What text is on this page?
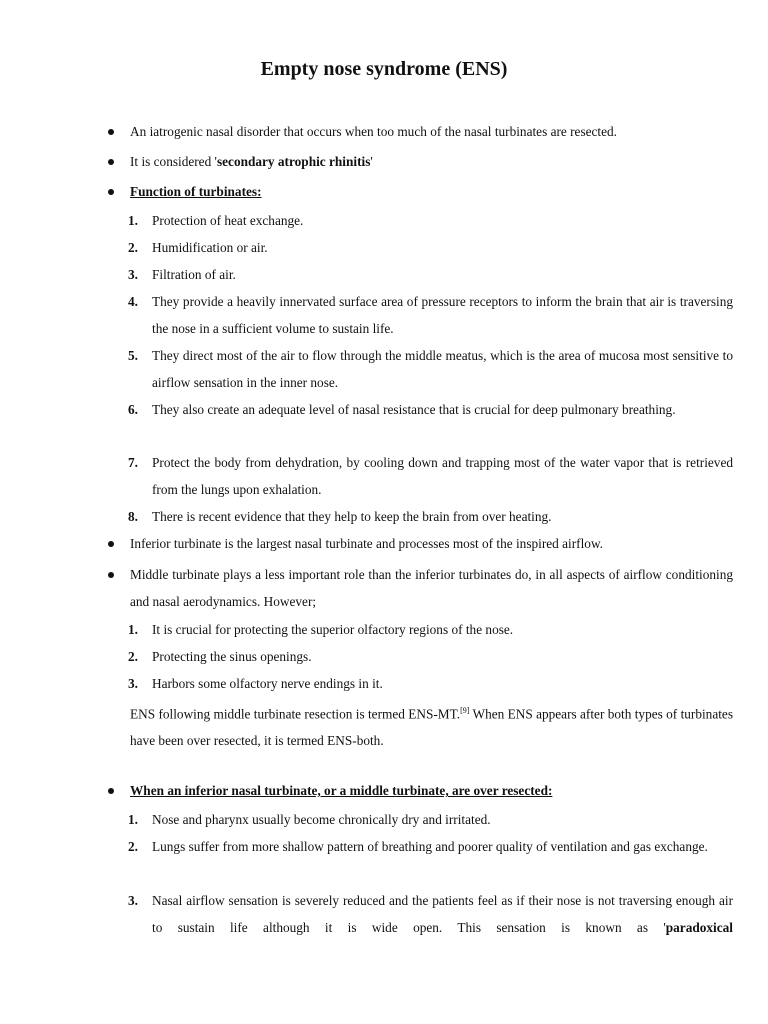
Empty nose syndrome (ENS)
An iatrogenic nasal disorder that occurs when too much of the nasal turbinates are resected.
It is considered 'secondary atrophic rhinitis'
Function of turbinates:
1. Protection of heat exchange.
2. Humidification or air.
3. Filtration of air.
4. They provide a heavily innervated surface area of pressure receptors to inform the brain that air is traversing the nose in a sufficient volume to sustain life.
5. They direct most of the air to flow through the middle meatus, which is the area of mucosa most sensitive to airflow sensation in the inner nose.
6. They also create an adequate level of nasal resistance that is crucial for deep pulmonary breathing.
7. Protect the body from dehydration, by cooling down and trapping most of the water vapor that is retrieved from the lungs upon exhalation.
8. There is recent evidence that they help to keep the brain from over heating.
Inferior turbinate is the largest nasal turbinate and processes most of the inspired airflow.
Middle turbinate plays a less important role than the inferior turbinates do, in all aspects of airflow conditioning and nasal aerodynamics. However;
1. It is crucial for protecting the superior olfactory regions of the nose.
2. Protecting the sinus openings.
3. Harbors some olfactory nerve endings in it.
ENS following middle turbinate resection is termed ENS-MT.[9] When ENS appears after both types of turbinates have been over resected, it is termed ENS-both.
When an inferior nasal turbinate, or a middle turbinate, are over resected:
1. Nose and pharynx usually become chronically dry and irritated.
2. Lungs suffer from more shallow pattern of breathing and poorer quality of ventilation and gas exchange.
3. Nasal airflow sensation is severely reduced and the patients feel as if their nose is not traversing enough air to sustain life although it is wide open. This sensation is known as 'paradoxical
